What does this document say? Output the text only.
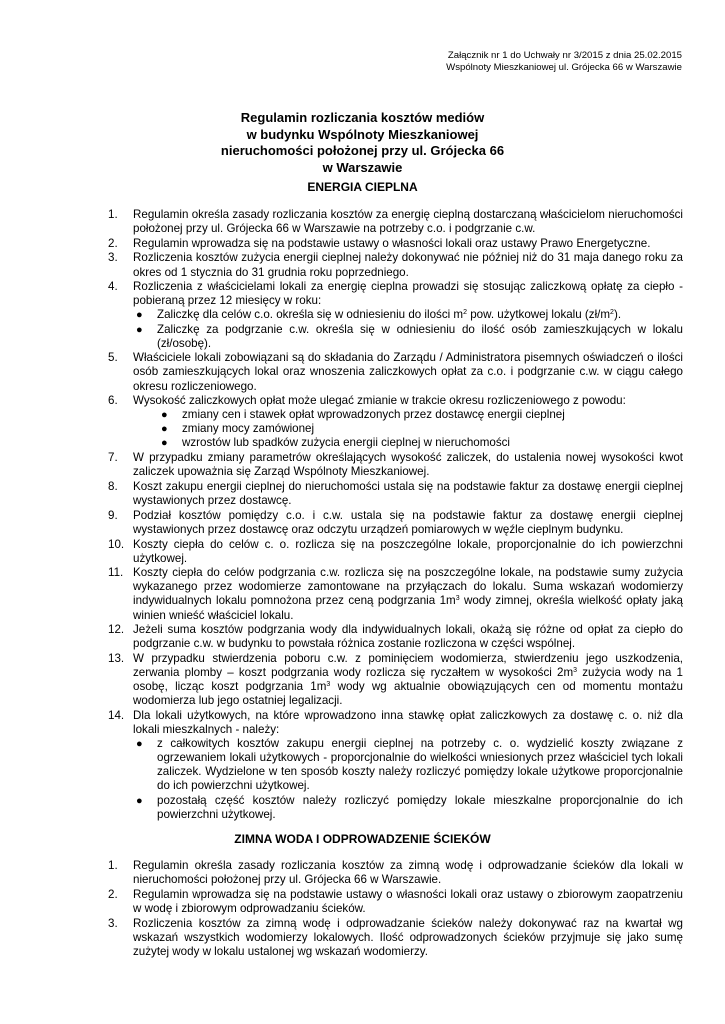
Załącznik nr 1 do Uchwały nr 3/2015 z dnia 25.02.2015
Wspólnoty Mieszkaniowej ul. Grójecka 66 w Warszawie
Regulamin rozliczania kosztów mediów
w budynku Wspólnoty Mieszkaniowej
nieruchomości położonej przy ul. Grójecka 66
w Warszawie
ENERGIA CIEPLNA
1. Regulamin określa zasady rozliczania kosztów za energię cieplną dostarczaną właścicielom nieruchomości położonej przy ul. Grójecka 66 w Warszawie na potrzeby c.o. i podgrzanie c.w.
2. Regulamin wprowadza się na podstawie ustawy o własności lokali oraz ustawy Prawo Energetyczne.
3. Rozliczenia kosztów zużycia energii cieplnej należy dokonywać nie później niż do 31 maja danego roku za okres od 1 stycznia do 31 grudnia roku poprzedniego.
4. Rozliczenia z właścicielami lokali za energię cieplna prowadzi się stosując zaliczkową opłatę za ciepło - pobieraną przez 12 miesięcy w roku:
● Zaliczkę dla celów c.o. określa się w odniesieniu do ilości $m^2$ pow. użytkowej lokalu $(zł/m^2)$.
● Zaliczkę za podgrzanie c.w. określa się w odniesieniu do ilość osób zamieszkujących w lokalu (zł/osobę).
5. Właściciele lokali zobowiązani są do składania do Zarządu / Administratora pisemnych oświadczeń o ilości osób zamieszkujących lokal oraz wnoszenia zaliczkowych opłat za c.o. i podgrzanie c.w. w ciągu całego okresu rozliczeniowego.
6. Wysokość zaliczkowych opłat może ulegać zmianie w trakcie okresu rozliczeniowego z powodu:
● zmiany cen i stawek opłat wprowadzonych przez dostawcę energii cieplnej
● zmiany mocy zamówionej
● wzrostów lub spadków zużycia energii cieplnej w nieruchomości
7. W przypadku zmiany parametrów określających wysokość zaliczek, do ustalenia nowej wysokości kwot zaliczek upoważnia się Zarząd Wspólnoty Mieszkaniowej.
8. Koszt zakupu energii cieplnej do nieruchomości ustala się na podstawie faktur za dostawę energii cieplnej wystawionych przez dostawcę.
9. Podział kosztów pomiędzy c.o. i c.w. ustala się na podstawie faktur za dostawę energii cieplnej wystawionych przez dostawcę oraz odczytu urządzeń pomiarowych w węźle cieplnym budynku.
10. Koszty ciepła do celów c. o. rozlicza się na poszczególne lokale, proporcjonalnie do ich powierzchni użytkowej.
11. Koszty ciepła do celów podgrzania c.w. rozlicza się na poszczególne lokale, na podstawie sumy zużycia wykazanego przez wodomierze zamontowane na przyłączach do lokalu. Suma wskazań wodomierzy indywidualnych lokalu pomnożona przez ceną podgrzania $1m^3$ wody zimnej, określa wielkość opłaty jaką winien wnieść właściciel lokalu.
12. Jeżeli suma kosztów podgrzania wody dla indywidualnych lokali, okażą się różne od opłat za ciepło do podgrzanie c.w. w budynku to powstała różnica zostanie rozliczona w części wspólnej.
13. W przypadku stwierdzenia poboru c.w. z pominięciem wodomierza, stwierdzeniu jego uszkodzenia, zerwania plomby – koszt podgrzania wody rozlicza się ryczałtem w wysokości $2m^3$ zużycia wody na 1 osobę, licząc koszt podgrzania $1m^3$ wody wg aktualnie obowiązujących cen od momentu montażu wodomierza lub jego ostatniej legalizacji.
14. Dla lokali użytkowych, na które wprowadzono inna stawkę opłat zaliczkowych za dostawę c. o. niż dla lokali mieszkalnych - należy:
● z całkowitych kosztów zakupu energii cieplnej na potrzeby c. o. wydzielić koszty związane z ogrzewaniem lokali użytkowych - proporcjonalnie do wielkości wniesionych przez właściciel tych lokali zaliczek. Wydzielone w ten sposób koszty należy rozliczyć pomiędzy lokale użytkowe proporcjonalnie do ich powierzchni użytkowej.
● pozostałą część kosztów należy rozliczyć pomiędzy lokale mieszkalne proporcjonalnie do ich powierzchni użytkowej.
ZIMNA WODA I ODPROWADZENIE ŚCIEKÓW
1. Regulamin określa zasady rozliczania kosztów za zimną wodę i odprowadzanie ścieków dla lokali w nieruchomości położonej przy ul. Grójecka 66 w Warszawie.
2. Regulamin wprowadza się na podstawie ustawy o własności lokali oraz ustawy o zbiorowym zaopatrzeniu w wodę i zbiorowym odprowadzaniu ścieków.
3. Rozliczenia kosztów za zimną wodę i odprowadzanie ścieków należy dokonywać raz na kwartał wg wskazań wszystkich wodomierzy lokalowych. Ilość odprowadzonych ścieków przyjmuje się jako sumę zużytej wody w lokalu ustalonej wg wskazań wodomierzy.
